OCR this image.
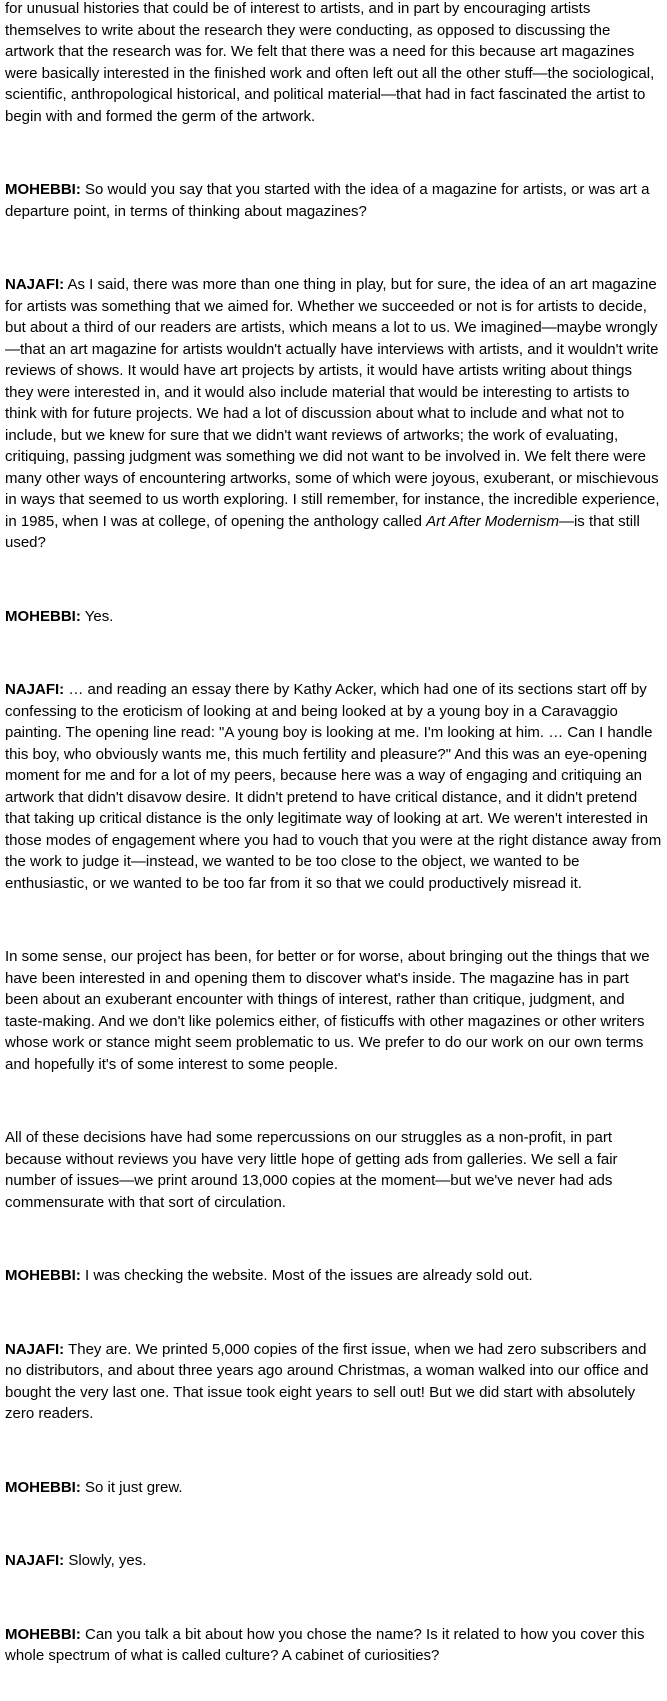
for unusual histories that could be of interest to artists, and in part by encouraging artists themselves to write about the research they were conducting, as opposed to discussing the artwork that the research was for. We felt that there was a need for this because art magazines were basically interested in the finished work and often left out all the other stuff—the sociological, scientific, anthropological historical, and political material—that had in fact fascinated the artist to begin with and formed the germ of the artwork.

MOHEBBI: So would you say that you started with the idea of a magazine for artists, or was art a departure point, in terms of thinking about magazines?

NAJAFI: As I said, there was more than one thing in play, but for sure, the idea of an art magazine for artists was something that we aimed for. Whether we succeeded or not is for artists to decide, but about a third of our readers are artists, which means a lot to us. We imagined—maybe wrongly—that an art magazine for artists wouldn't actually have interviews with artists, and it wouldn't write reviews of shows. It would have art projects by artists, it would have artists writing about things they were interested in, and it would also include material that would be interesting to artists to think with for future projects. We had a lot of discussion about what to include and what not to include, but we knew for sure that we didn't want reviews of artworks; the work of evaluating, critiquing, passing judgment was something we did not want to be involved in. We felt there were many other ways of encountering artworks, some of which were joyous, exuberant, or mischievous in ways that seemed to us worth exploring. I still remember, for instance, the incredible experience, in 1985, when I was at college, of opening the anthology called Art After Modernism—is that still used?

MOHEBBI: Yes.

NAJAFI: … and reading an essay there by Kathy Acker, which had one of its sections start off by confessing to the eroticism of looking at and being looked at by a young boy in a Caravaggio painting. The opening line read: "A young boy is looking at me. I'm looking at him. … Can I handle this boy, who obviously wants me, this much fertility and pleasure?" And this was an eye-opening moment for me and for a lot of my peers, because here was a way of engaging and critiquing an artwork that didn't disavow desire. It didn't pretend to have critical distance, and it didn't pretend that taking up critical distance is the only legitimate way of looking at art. We weren't interested in those modes of engagement where you had to vouch that you were at the right distance away from the work to judge it—instead, we wanted to be too close to the object, we wanted to be enthusiastic, or we wanted to be too far from it so that we could productively misread it.

In some sense, our project has been, for better or for worse, about bringing out the things that we have been interested in and opening them to discover what's inside. The magazine has in part been about an exuberant encounter with things of interest, rather than critique, judgment, and taste-making. And we don't like polemics either, of fisticuffs with other magazines or other writers whose work or stance might seem problematic to us. We prefer to do our work on our own terms and hopefully it's of some interest to some people.

All of these decisions have had some repercussions on our struggles as a non-profit, in part because without reviews you have very little hope of getting ads from galleries. We sell a fair number of issues—we print around 13,000 copies at the moment—but we've never had ads commensurate with that sort of circulation.

MOHEBBI: I was checking the website. Most of the issues are already sold out.

NAJAFI: They are. We printed 5,000 copies of the first issue, when we had zero subscribers and no distributors, and about three years ago around Christmas, a woman walked into our office and bought the very last one. That issue took eight years to sell out! But we did start with absolutely zero readers.

MOHEBBI: So it just grew.

NAJAFI: Slowly, yes.

MOHEBBI: Can you talk a bit about how you chose the name? Is it related to how you cover this whole spectrum of what is called culture? A cabinet of curiosities?
